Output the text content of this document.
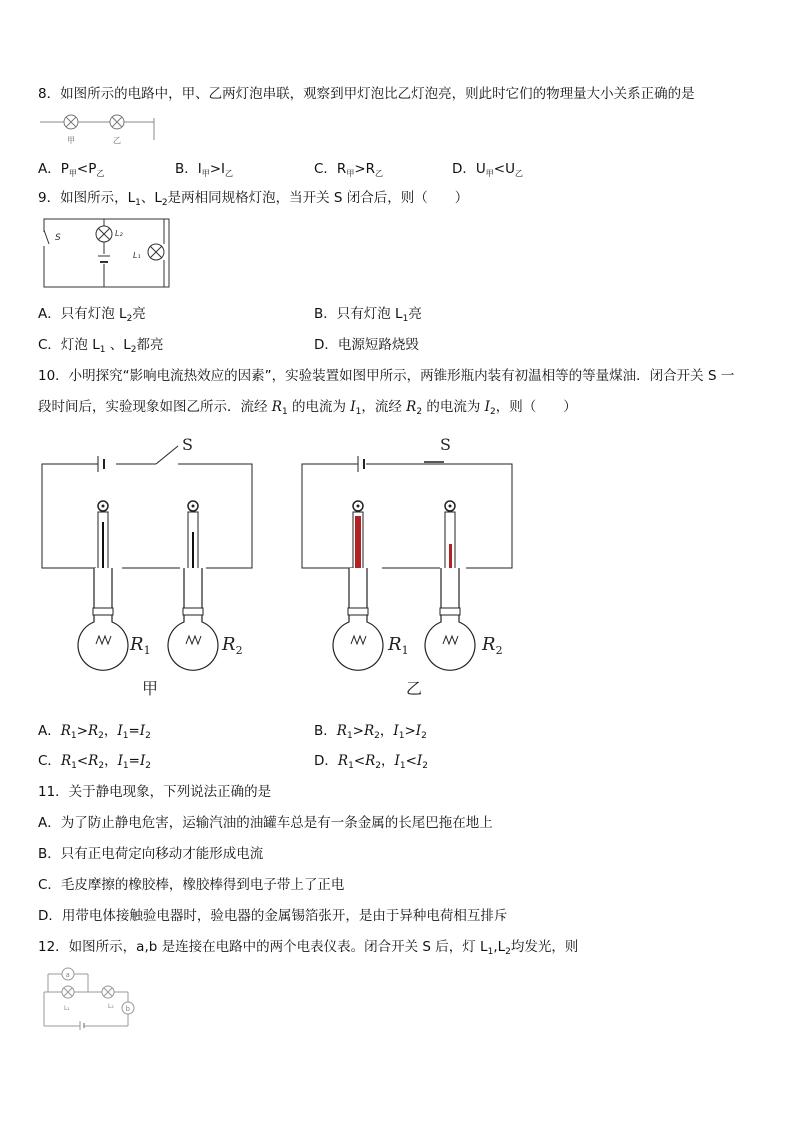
8．如图所示的电路中，甲、乙两灯泡串联，观察到甲灯泡比乙灯泡亮，则此时它们的物理量大小关系正确的是
甲	乙
A．$P_甲<P_乙$	B．$I_甲>I_乙$	C．$R_甲>R_乙$	D．$U_甲<U_乙$
9．如图所示，$L_1$、$L_2$是两相同规格灯泡，当开关 S 闭合后，则（　　）
S	L₂
L₁
A．只有灯泡 $L_2$亮	B．只有灯泡 $L_1$亮
C．灯泡 $L_1$ 、$L_2$都亮	D．电源短路烧毁
10．小明探究“影响电流热效应的因素”，实验装置如图甲所示，两锥形瓶内装有初温相等的等量煤油．闭合开关 S 一
段时间后，实验现象如图乙所示．流经 $R_1$ 的电流为 $I_1$，流经 $R_2$ 的电流为 $I_2$，则（　　）
S
$R_1$	$R_2$
甲
S
$R_1$	$R_2$
乙
A．$R_1>R_2$，$I_1=I_2$	B．$R_1>R_2$，$I_1>I_2$
C．$R_1<R_2$，$I_1=I_2$	D．$R_1<R_2$，$I_1<I_2$
11．关于静电现象，下列说法正确的是
A．为了防止静电危害，运输汽油的油罐车总是有一条金属的长尾巴拖在地上
B．只有正电荷定向移动才能形成电流
C．毛皮摩擦的橡胶棒，橡胶棒得到电子带上了正电
D．用带电体接触验电器时，验电器的金属锡箔张开，是由于异种电荷相互排斥
12．如图所示，a,b 是连接在电路中的两个电表仪表。闭合开关 S 后，灯 $L_1,L_2$均发光，则
a
L₁	b
L₂
